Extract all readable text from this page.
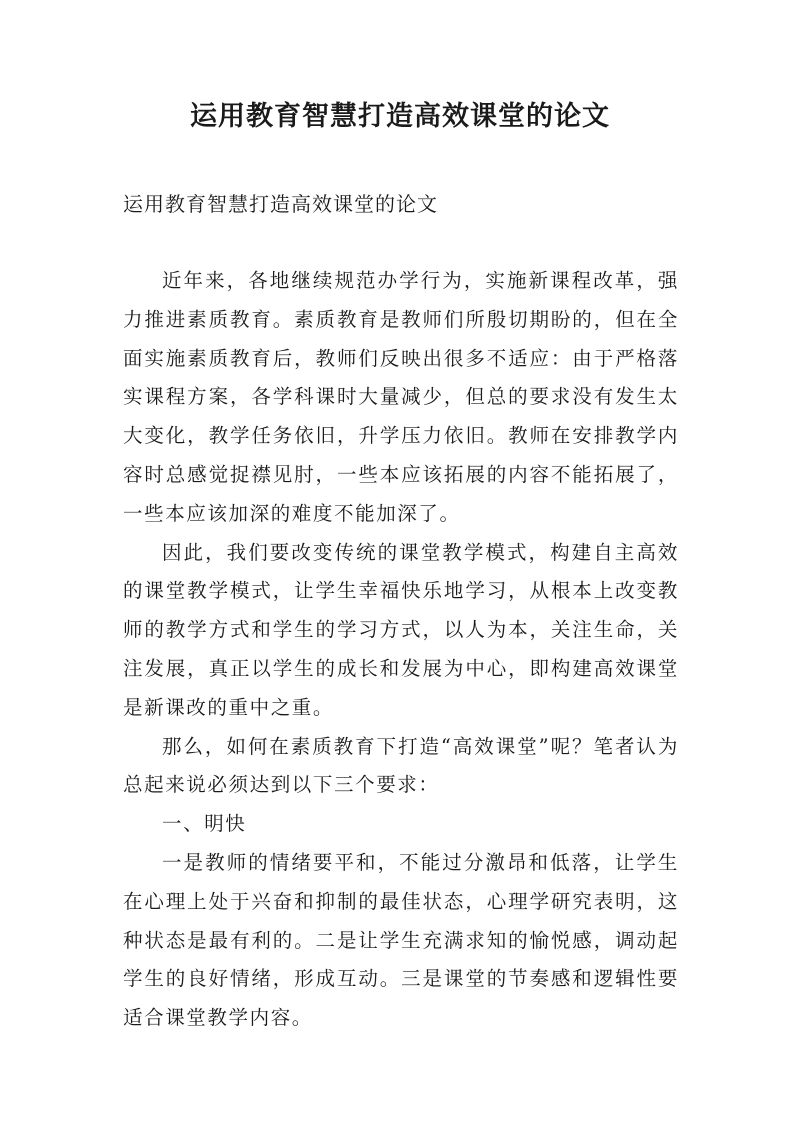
运用教育智慧打造高效课堂的论文

运用教育智慧打造高效课堂的论文

近年来，各地继续规范办学行为，实施新课程改革，强力推进素质教育。素质教育是教师们所殷切期盼的，但在全面实施素质教育后，教师们反映出很多不适应：由于严格落实课程方案，各学科课时大量减少，但总的要求没有发生太大变化，教学任务依旧，升学压力依旧。教师在安排教学内容时总感觉捉襟见肘，一些本应该拓展的内容不能拓展了，一些本应该加深的难度不能加深了。

因此，我们要改变传统的课堂教学模式，构建自主高效的课堂教学模式，让学生幸福快乐地学习，从根本上改变教师的教学方式和学生的学习方式，以人为本，关注生命，关注发展，真正以学生的成长和发展为中心，即构建高效课堂是新课改的重中之重。

那么，如何在素质教育下打造“高效课堂”呢？笔者认为总起来说必须达到以下三个要求：

一、明快

一是教师的情绪要平和，不能过分激昂和低落，让学生在心理上处于兴奋和抑制的最佳状态，心理学研究表明，这种状态是最有利的。二是让学生充满求知的愉悦感，调动起学生的良好情绪，形成互动。三是课堂的节奏感和逻辑性要适合课堂教学内容。
